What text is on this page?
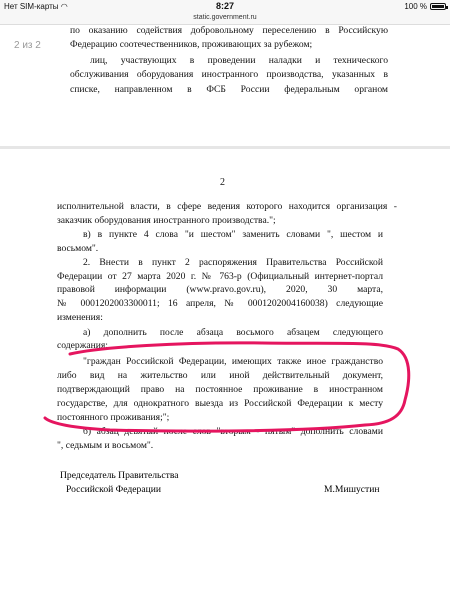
Нет SIM-карты ◠	8:27	100 %
static.government.ru
2 из 2
по оказанию содействия добровольному переселению в Российскую
Федерацию соотечественников, проживающих за рубежом;
лиц, участвующих в проведении наладки и технического
обслуживания оборудования иностранного производства, указанных в
списке, направленном в ФСБ России федеральным органом
2
исполнительной власти, в сфере ведения которого находится организация -
заказчик оборудования иностранного производства.";
в) в пункте 4 слова "и шестом" заменить словами ", шестом и
восьмом".
2. Внести в пункт 2 распоряжения Правительства Российской
Федерации от 27 марта 2020 г. № 763-р (Официальный интернет-портал
правовой информации (www.pravo.gov.ru), 2020, 30 марта,
№ 0001202003300011; 16 апреля, № 0001202004160038) следующие
изменения:
а) дополнить после абзаца восьмого абзацем следующего
содержания:
"граждан Российской Федерации, имеющих также иное гражданство
либо вид на жительство или иной действительный документ,
подтверждающий право на постоянное проживание в иностранном
государстве, для однократного выезда из Российской Федерации к месту
постоянного проживания;";
б) абзац девятый после слов "вторым - пятым" дополнить словами
", седьмым и восьмом".
Председатель Правительства
Российской Федерации	М.Мишустин
